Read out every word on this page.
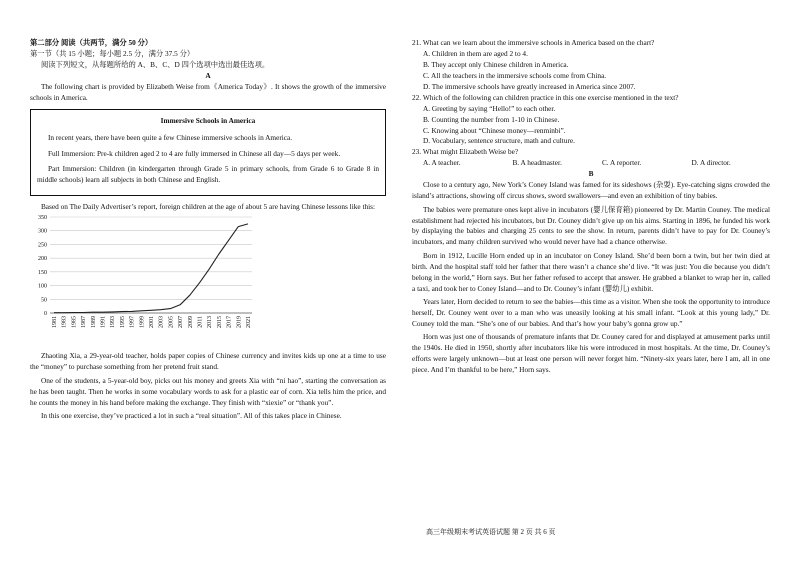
第二部分 阅读（共两节，满分 50 分）

第一节（共 15 小题；每小题 2.5 分，满分 37.5 分）

阅读下列短文，从每题所给的 A、B、C、D 四个选项中选出最佳选项。

A

The following chart is provided by Elizabeth Weise from《America Today》. It shows the growth of the immersive schools in America.

Immersive Schools in America

In recent years, there have been quite a few Chinese immersive schools in America.

Full Immersion: Pre-k children aged 2 to 4 are fully immersed in Chinese all day—5 days per week.

Part Immersion: Children (in kindergarten through Grade 5 in primary schools, from Grade 6 to Grade 8 in middle schools) learn all subjects in both Chinese and English.

Based on The Daily Advertiser’s report, foreign children at the age of about 5 are having Chinese lessons like this:

0
50
100
150
200
250
300
350
1981 1983 1985 1987 1989 1991 1993 1995 1997 1999 2001 2003 2005 2007 2009 2011 2013 2015 2017 2019 2021

Zhaoting Xia, a 29-year-old teacher, holds paper copies of Chinese currency and invites kids up one at a time to use the “money” to purchase something from her pretend fruit stand.

One of the students, a 5-year-old boy, picks out his money and greets Xia with “ni hao”, starting the conversation as he has been taught. Then he works in some vocabulary words to ask for a plastic ear of corn. Xia tells him the price, and he counts the money in his hand before making the exchange. They finish with “xiexie” or “thank you”.

In this one exercise, they’ve practiced a lot in such a “real situation”. All of this takes place in Chinese.

21. What can we learn about the immersive schools in America based on the chart?

A. Children in them are aged 2 to 4.

B. They accept only Chinese children in America.

C. All the teachers in the immersive schools come from China.

D. The immersive schools have greatly increased in America since 2007.

22. Which of the following can children practice in this one exercise mentioned in the text?

A. Greeting by saying “Hello!” to each other.

B. Counting the number from 1-10 in Chinese.

C. Knowing about “Chinese money—renminbi”.

D. Vocabulary, sentence structure, math and culture.

23. What might Elizabeth Weise be?

A. A teacher.	B. A headmaster.	C. A reporter.	D. A director.

B

Close to a century ago, New York’s Coney Island was famed for its sideshows (杂耍). Eye-catching signs crowded the island’s attractions, showing off circus shows, sword swallowers—and even an exhibition of tiny babies.

The babies were premature ones kept alive in incubators (婴儿保育箱) pioneered by Dr. Martin Couney. The medical establishment had rejected his incubators, but Dr. Couney didn’t give up on his aims. Starting in 1896, he funded his work by displaying the babies and charging 25 cents to see the show. In return, parents didn’t have to pay for Dr. Couney’s incubators, and many children survived who would never have had a chance otherwise.

Born in 1912, Lucille Horn ended up in an incubator on Coney Island. She’d been born a twin, but her twin died at birth. And the hospital staff told her father that there wasn’t a chance she’d live. “It was just: You die because you didn’t belong in the world,” Horn says. But her father refused to accept that answer. He grabbed a blanket to wrap her in, called a taxi, and took her to Coney Island—and to Dr. Couney’s infant (婴幼儿) exhibit.

Years later, Horn decided to return to see the babies—this time as a visitor. When she took the opportunity to introduce herself, Dr. Couney went over to a man who was uneasily looking at his small infant. “Look at this young lady,” Dr. Couney told the man. “She’s one of our babies. And that’s how your baby’s gonna grow up.”

Horn was just one of thousands of premature infants that Dr. Couney cared for and displayed at amusement parks until the 1940s. He died in 1950, shortly after incubators like his were introduced in most hospitals. At the time, Dr. Couney’s efforts were largely unknown—but at least one person will never forget him. “Ninety-six years later, here I am, all in one piece. And I’m thankful to be here,” Horn says.

高三年级期末考试英语试题 第 2 页 共 6 页
